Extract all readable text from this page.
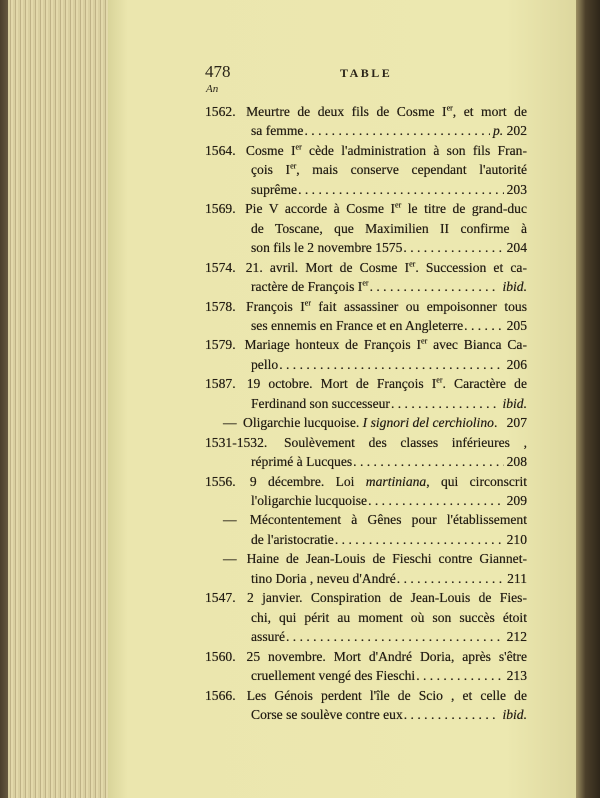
478	TABLE
An
1562. Meurtre de deux fils de Cosme Ier, et mort de
sa femme . . .	p. 202
1564. Cosme Ier cède l'administration à son fils Fran-
çois Ier, mais conserve cependant l'autorité
suprême . . .	203
1569. Pie V accorde à Cosme Ier le titre de grand-duc
de Toscane, que Maximilien II confirme à
son fils le 2 novembre 1575 . . .	204
1574. 21. avril. Mort de Cosme Ier. Succession et ca-
ractère de François Ier . . .	ibid.
1578. François Ier fait assassiner ou empoisonner tous
ses ennemis en France et en Angleterre . . .	205
1579. Mariage honteux de François Ier avec Bianca Ca-
pello . . .	206
1587. 19 octobre. Mort de François Ier. Caractère de
Ferdinand son successeur . . .	ibid.
— Oligarchie lucquoise. I signori del cerchiolino. 207
1531-1532. Soulèvement des classes inférieures ,
réprimé à Lucques . . .	208
1556. 9 décembre. Loi martiniana, qui circonscrit
l'oligarchie lucquoise . . .	209
— Mécontentement à Gênes pour l'établissement
de l'aristocratie . . .	210
— Haine de Jean-Louis de Fieschi contre Giannet-
tino Doria , neveu d'André . . .	211
1547. 2 janvier. Conspiration de Jean-Louis de Fies-
chi, qui périt au moment où son succès étoit
assuré . . .	212
1560. 25 novembre. Mort d'André Doria, après s'être
cruellement vengé des Fieschi . . .	213
1566. Les Génois perdent l'île de Scio , et celle de
Corse se soulève contre eux . . .	ibid.
